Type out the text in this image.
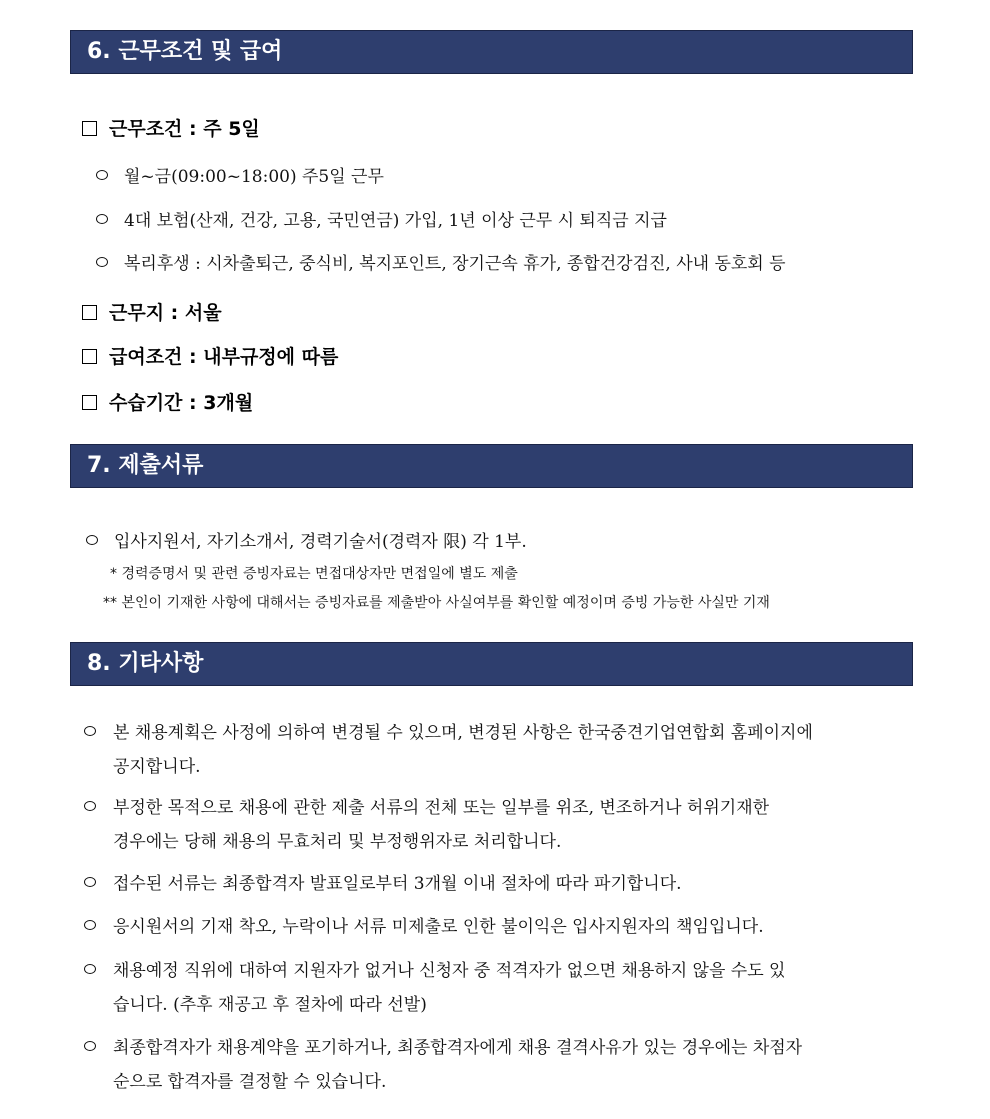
6. 근무조건 및 급여
근무조건 : 주 5일
월~금(09:00~18:00) 주5일 근무
4대 보험(산재, 건강, 고용, 국민연금) 가입, 1년 이상 근무 시 퇴직금 지급
복리후생 : 시차출퇴근, 중식비, 복지포인트, 장기근속 휴가, 종합건강검진, 사내 동호회 등
근무지 : 서울
급여조건 : 내부규정에 따름
수습기간 : 3개월
7. 제출서류
입사지원서, 자기소개서, 경력기술서(경력자 限) 각 1부.
* 경력증명서 및 관련 증빙자료는 면접대상자만 면접일에 별도 제출
** 본인이 기재한 사항에 대해서는 증빙자료를 제출받아 사실여부를 확인할 예정이며 증빙 가능한 사실만 기재
8. 기타사항
본 채용계획은 사정에 의하여 변경될 수 있으며, 변경된 사항은 한국중견기업연합회 홈페이지에
공지합니다.
부정한 목적으로 채용에 관한 제출 서류의 전체 또는 일부를 위조, 변조하거나 허위기재한
경우에는 당해 채용의 무효처리 및 부정행위자로 처리합니다.
접수된 서류는 최종합격자 발표일로부터 3개월 이내 절차에 따라 파기합니다.
응시원서의 기재 착오, 누락이나 서류 미제출로 인한 불이익은 입사지원자의 책임입니다.
채용예정 직위에 대하여 지원자가 없거나 신청자 중 적격자가 없으면 채용하지 않을 수도 있
습니다. (추후 재공고 후 절차에 따라 선발)
최종합격자가 채용계약을 포기하거나, 최종합격자에게 채용 결격사유가 있는 경우에는 차점자
순으로 합격자를 결정할 수 있습니다.
